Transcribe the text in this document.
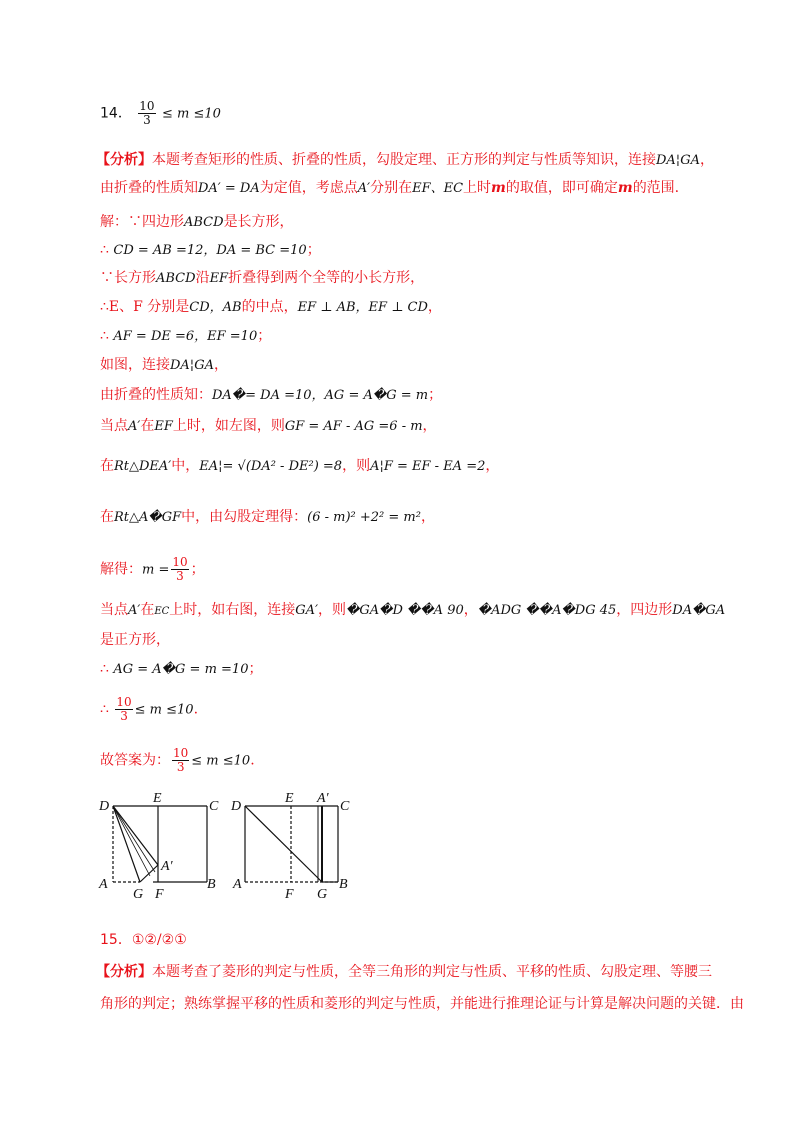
14． $\frac{10}{3} \le m \le 10$
【分析】本题考查矩形的性质、折叠的性质，勾股定理、正方形的判定与性质等知识，连接DA¦GA，
由折叠的性质知DA′ = DA为定值，考虑点A′分别在EF、EC上时m的取值，即可确定m的范围.
解：∵四边形ABCD是长方形，
∴ CD = AB =12，DA = BC =10；
∵长方形ABCD沿EF折叠得到两个全等的小长方形，
∴E、F 分别是CD，AB的中点，EF ⊥ AB，EF ⊥ CD，
∴ AF = DE =6，EF =10；
如图，连接DA¦GA，
由折叠的性质知：DA�= DA =10，AG = A�G = m；
当点A′在EF上时，如左图，则GF = AF - AG =6 - m，
在Rt△DEA′中，EA¦= √(DA² - DE²) =8，则A¦F = EF - EA =2，
在Rt△A�GF中，由勾股定理得：(6 - m)² +2² = m²，
解得：$m = \frac{10}{3}$ ；
当点A′在EC上时，如右图，连接GA′，则�GA�D ��A 90，�ADG ��A�DG 45，四边形DA�GA
是正方形，
∴ AG = A�G = m =10；
∴ $\frac{10}{3} \le m \le 10$.
故答案为： $\frac{10}{3} \le m \le 10$.
D
E
C
A
G F
B
A′
D
E A′
C
A
F G
B
15．①②/②①
【分析】本题考查了菱形的判定与性质，全等三角形的判定与性质、平移的性质、勾股定理、等腰三
角形的判定；熟练掌握平移的性质和菱形的判定与性质，并能进行推理论证与计算是解决问题的关键．由
